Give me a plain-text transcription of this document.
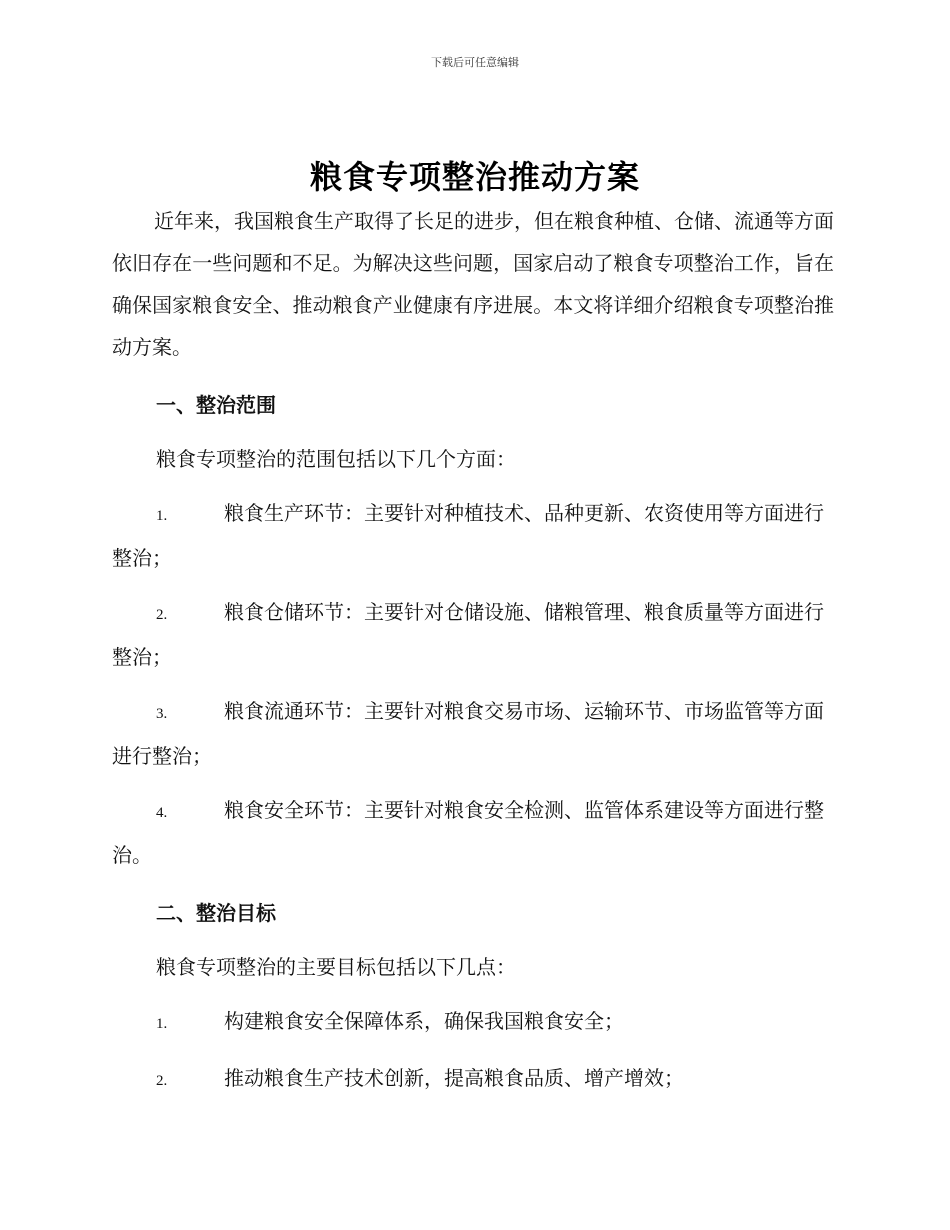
下载后可任意编辑
粮食专项整治推动方案

近年来，我国粮食生产取得了长足的进步，但在粮食种植、仓储、流通等方面依旧存在一些问题和不足。为解决这些问题，国家启动了粮食专项整治工作，旨在确保国家粮食安全、推动粮食产业健康有序进展。本文将详细介绍粮食专项整治推动方案。

一、整治范围
粮食专项整治的范围包括以下几个方面：
1.	粮食生产环节：主要针对种植技术、品种更新、农资使用等方面进行整治；
2.	粮食仓储环节：主要针对仓储设施、储粮管理、粮食质量等方面进行整治；
3.	粮食流通环节：主要针对粮食交易市场、运输环节、市场监管等方面进行整治；
4.	粮食安全环节：主要针对粮食安全检测、监管体系建设等方面进行整治。
二、整治目标
粮食专项整治的主要目标包括以下几点：
1.	构建粮食安全保障体系，确保我国粮食安全；
2.	推动粮食生产技术创新，提高粮食品质、增产增效；
